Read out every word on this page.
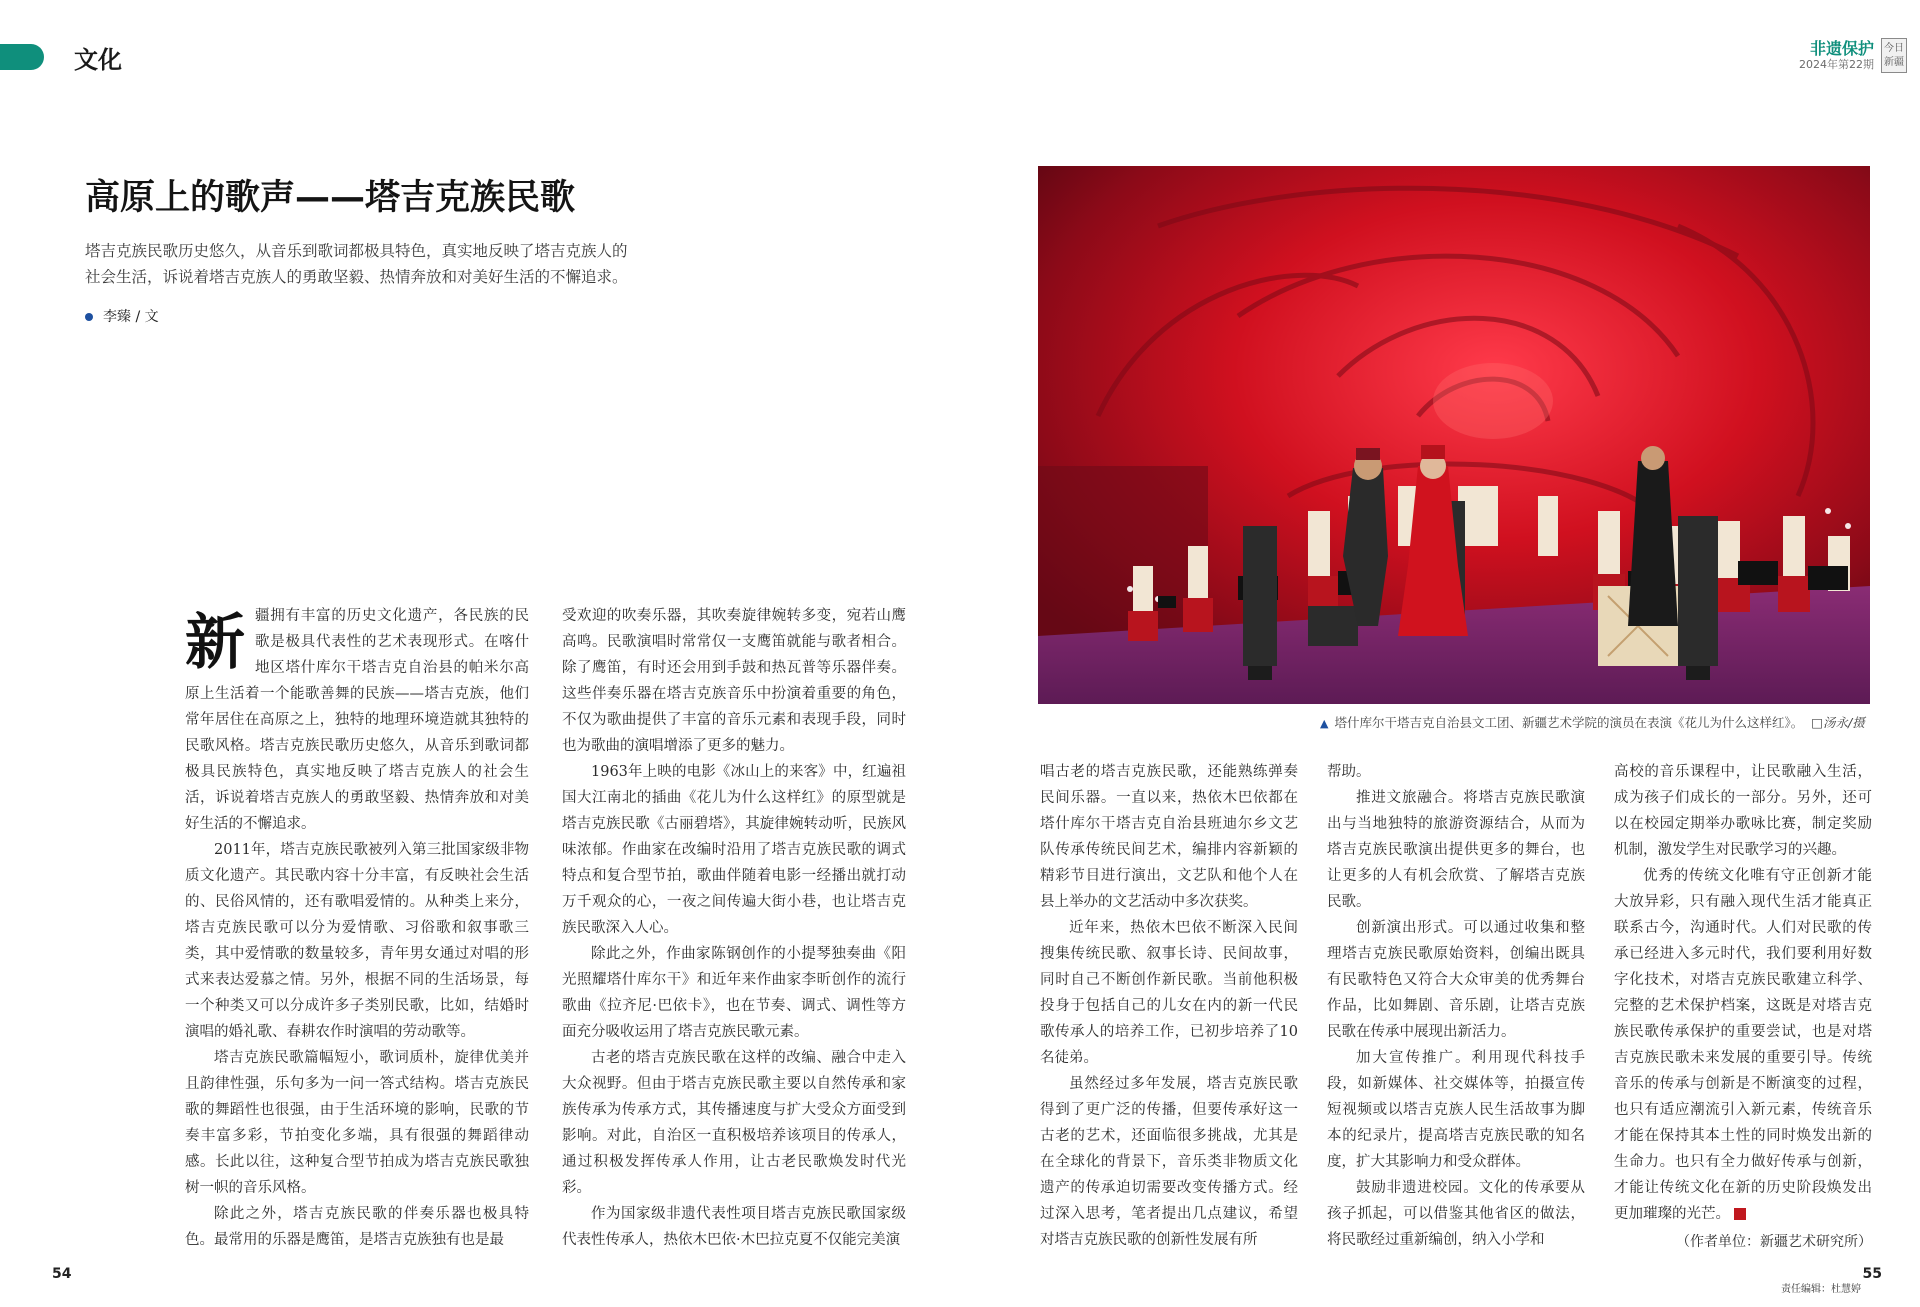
文化	非遗保护
2024年第22期
今日
新疆
高原上的歌声——塔吉克族民歌

塔吉克族民歌历史悠久，从音乐到歌词都极具特色，真实地反映了塔吉克族人的

社会生活，诉说着塔吉克族人的勇敢坚毅、热情奔放和对美好生活的不懈追求。

李臻 / 文
▲ 塔什库尔干塔吉克自治县文工团、新疆艺术学院的演员在表演《花儿为什么这样红》。 □汤永/摄
新 疆拥有丰富的历史文化遗产，各民族的民歌是极具代表性的艺术表现形式。在喀什地区塔什库尔干塔吉克自治县的帕米尔高原上生活着一个能歌善舞的民族——塔吉克族，他们常年居住在高原之上，独特的地理环境造就其独特的民歌风格。塔吉克族民歌历史悠久，从音乐到歌词都极具民族特色，真实地反映了塔吉克族人的社会生活，诉说着塔吉克族人的勇敢坚毅、热情奔放和对美好生活的不懈追求。

2011年，塔吉克族民歌被列入第三批国家级非物质文化遗产。其民歌内容十分丰富，有反映社会生活的、民俗风情的，还有歌唱爱情的。从种类上来分，塔吉克族民歌可以分为爱情歌、习俗歌和叙事歌三类，其中爱情歌的数量较多，青年男女通过对唱的形式来表达爱慕之情。另外，根据不同的生活场景，每一个种类又可以分成许多子类别民歌，比如，结婚时演唱的婚礼歌、春耕农作时演唱的劳动歌等。

塔吉克族民歌篇幅短小，歌词质朴，旋律优美并且韵律性强，乐句多为一问一答式结构。塔吉克族民歌的舞蹈性也很强，由于生活环境的影响，民歌的节奏丰富多彩，节拍变化多端，具有很强的舞蹈律动感。长此以往，这种复合型节拍成为塔吉克族民歌独树一帜的音乐风格。

除此之外，塔吉克族民歌的伴奏乐器也极具特色。最常用的乐器是鹰笛，是塔吉克族独有也是最

受欢迎的吹奏乐器，其吹奏旋律婉转多变，宛若山鹰高鸣。民歌演唱时常常仅一支鹰笛就能与歌者相合。除了鹰笛，有时还会用到手鼓和热瓦普等乐器伴奏。这些伴奏乐器在塔吉克族音乐中扮演着重要的角色，不仅为歌曲提供了丰富的音乐元素和表现手段，同时也为歌曲的演唱增添了更多的魅力。

1963年上映的电影《冰山上的来客》中，红遍祖国大江南北的插曲《花儿为什么这样红》的原型就是塔吉克族民歌《古丽碧塔》，其旋律婉转动听，民族风味浓郁。作曲家在改编时沿用了塔吉克族民歌的调式特点和复合型节拍，歌曲伴随着电影一经播出就打动万千观众的心，一夜之间传遍大街小巷，也让塔吉克族民歌深入人心。

除此之外，作曲家陈钢创作的小提琴独奏曲《阳光照耀塔什库尔干》和近年来作曲家李昕创作的流行歌曲《拉齐尼·巴依卡》，也在节奏、调式、调性等方面充分吸收运用了塔吉克族民歌元素。

古老的塔吉克族民歌在这样的改编、融合中走入大众视野。但由于塔吉克族民歌主要以自然传承和家族传承为传承方式，其传播速度与扩大受众方面受到影响。对此，自治区一直积极培养该项目的传承人，通过积极发挥传承人作用，让古老民歌焕发时代光彩。

作为国家级非遗代表性项目塔吉克族民歌国家级代表性传承人，热依木巴依·木巴拉克夏不仅能完美演

唱古老的塔吉克族民歌，还能熟练弹奏民间乐器。一直以来，热依木巴依都在塔什库尔干塔吉克自治县班迪尔乡文艺队传承传统民间艺术，编排内容新颖的精彩节目进行演出，文艺队和他个人在县上举办的文艺活动中多次获奖。

近年来，热依木巴依不断深入民间搜集传统民歌、叙事长诗、民间故事，同时自己不断创作新民歌。当前他积极投身于包括自己的儿女在内的新一代民歌传承人的培养工作，已初步培养了10名徒弟。

虽然经过多年发展，塔吉克族民歌得到了更广泛的传播，但要传承好这一古老的艺术，还面临很多挑战，尤其是在全球化的背景下，音乐类非物质文化遗产的传承迫切需要改变传播方式。经过深入思考，笔者提出几点建议，希望对塔吉克族民歌的创新性发展有所

帮助。

推进文旅融合。将塔吉克族民歌演出与当地独特的旅游资源结合，从而为塔吉克族民歌演出提供更多的舞台，也让更多的人有机会欣赏、了解塔吉克族民歌。

创新演出形式。可以通过收集和整理塔吉克族民歌原始资料，创编出既具有民歌特色又符合大众审美的优秀舞台作品，比如舞剧、音乐剧，让塔吉克族民歌在传承中展现出新活力。

加大宣传推广。利用现代科技手段，如新媒体、社交媒体等，拍摄宣传短视频或以塔吉克族人民生活故事为脚本的纪录片，提高塔吉克族民歌的知名度，扩大其影响力和受众群体。

鼓励非遗进校园。文化的传承要从孩子抓起，可以借鉴其他省区的做法，将民歌经过重新编创，纳入小学和

高校的音乐课程中，让民歌融入生活，成为孩子们成长的一部分。另外，还可以在校园定期举办歌咏比赛，制定奖励机制，激发学生对民歌学习的兴趣。

优秀的传统文化唯有守正创新才能大放异彩，只有融入现代生活才能真正联系古今，沟通时代。人们对民歌的传承已经进入多元时代，我们要利用好数字化技术，对塔吉克族民歌建立科学、完整的艺术保护档案，这既是对塔吉克族民歌传承保护的重要尝试，也是对塔吉克族民歌未来发展的重要引导。传统音乐的传承与创新是不断演变的过程，也只有适应潮流引入新元素，传统音乐才能在保持其本土性的同时焕发出新的生命力。也只有全力做好传承与创新，才能让传统文化在新的历史阶段焕发出更加璀璨的光芒。

（作者单位：新疆艺术研究所）
责任编辑：杜慧婷
54	55
